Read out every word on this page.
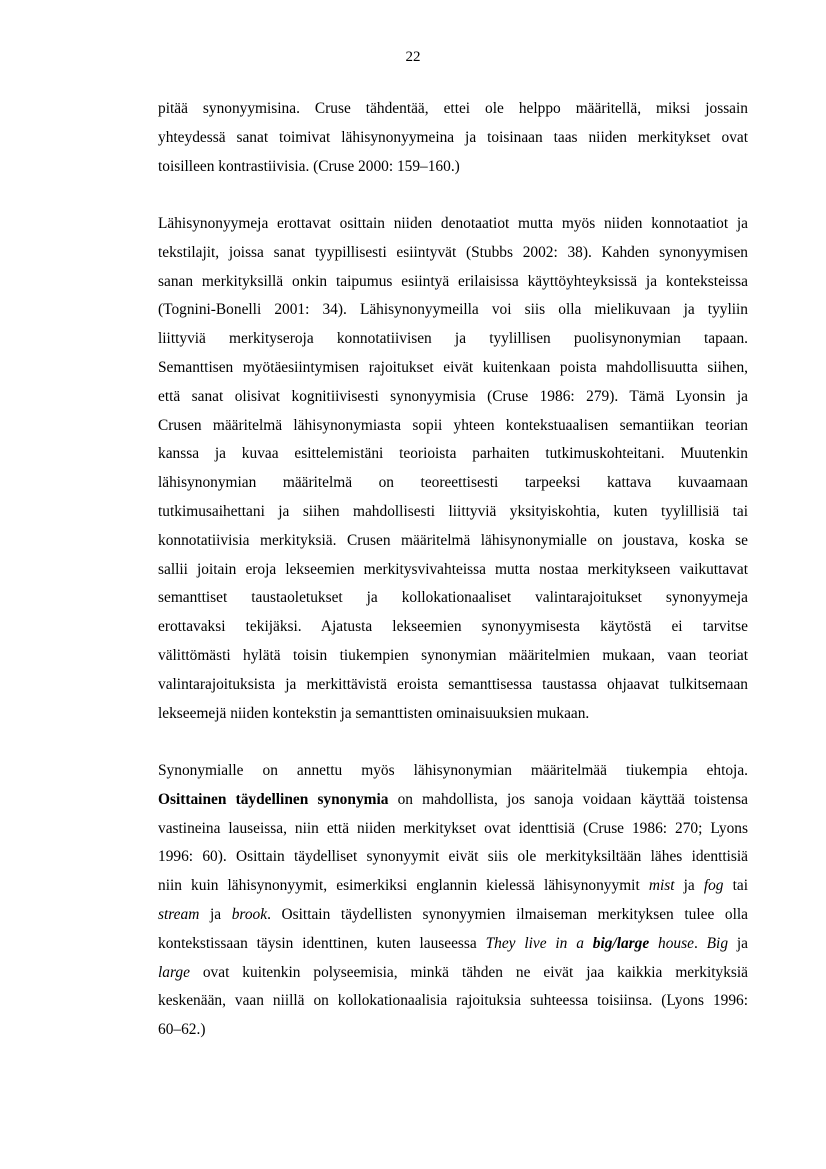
22
pitää synonyymisina. Cruse tähdentää, ettei ole helppo määritellä, miksi jossain
yhteydessä sanat toimivat lähisynonyymeina ja toisinaan taas niiden merkitykset ovat
toisilleen kontrastiivisia. (Cruse 2000: 159–160.)
Lähisynonyymeja erottavat osittain niiden denotaatiot mutta myös niiden konnotaatiot ja
tekstilajit, joissa sanat tyypillisesti esiintyvät (Stubbs 2002: 38). Kahden synonyymisen
sanan merkityksillä onkin taipumus esiintyä erilaisissa käyttöyhteyksissä ja konteksteissa
(Tognini-Bonelli 2001: 34). Lähisynonyymeilla voi siis olla mielikuvaan ja tyyliin
liittyviä merkityseroja konnotatiivisen ja tyylillisen puolisynonymian tapaan.
Semanttisen myötäesiintymisen rajoitukset eivät kuitenkaan poista mahdollisuutta siihen,
että sanat olisivat kognitiivisesti synonyymisia (Cruse 1986: 279). Tämä Lyonsin ja
Crusen määritelmä lähisynonymiasta sopii yhteen kontekstuaalisen semantiikan teorian
kanssa ja kuvaa esittelemistäni teorioista parhaiten tutkimuskohteitani. Muutenkin
lähisynonymian määritelmä on teoreettisesti tarpeeksi kattava kuvaamaan
tutkimusaihettani ja siihen mahdollisesti liittyviä yksityiskohtia, kuten tyylillisiä tai
konnotatiivisia merkityksiä. Crusen määritelmä lähisynonymialle on joustava, koska se
sallii joitain eroja lekseemien merkitysvivahteissa mutta nostaa merkitykseen vaikuttavat
semanttiset taustaoletukset ja kollokationaaliset valintarajoitukset synonyymeja
erottavaksi tekijäksi. Ajatusta lekseemien synonyymisesta käytöstä ei tarvitse
välittömästi hylätä toisin tiukempien synonymian määritelmien mukaan, vaan teoriat
valintarajoituksista ja merkittävistä eroista semanttisessa taustassa ohjaavat tulkitsemaan
lekseemejä niiden kontekstin ja semanttisten ominaisuuksien mukaan.
Synonymialle on annettu myös lähisynonymian määritelmää tiukempia ehtoja.
Osittainen täydellinen synonymia on mahdollista, jos sanoja voidaan käyttää toistensa
vastineina lauseissa, niin että niiden merkitykset ovat identtisiä (Cruse 1986: 270; Lyons
1996: 60). Osittain täydelliset synonyymit eivät siis ole merkityksiltään lähes identtisiä
niin kuin lähisynonyymit, esimerkiksi englannin kielessä lähisynonyymit mist ja fog tai
stream ja brook. Osittain täydellisten synonyymien ilmaiseman merkityksen tulee olla
kontekstissaan täysin identtinen, kuten lauseessa They live in a big/large house. Big ja
large ovat kuitenkin polyseemisia, minkä tähden ne eivät jaa kaikkia merkityksiä
keskenään, vaan niillä on kollokationaalisia rajoituksia suhteessa toisiinsa. (Lyons 1996:
60–62.)
